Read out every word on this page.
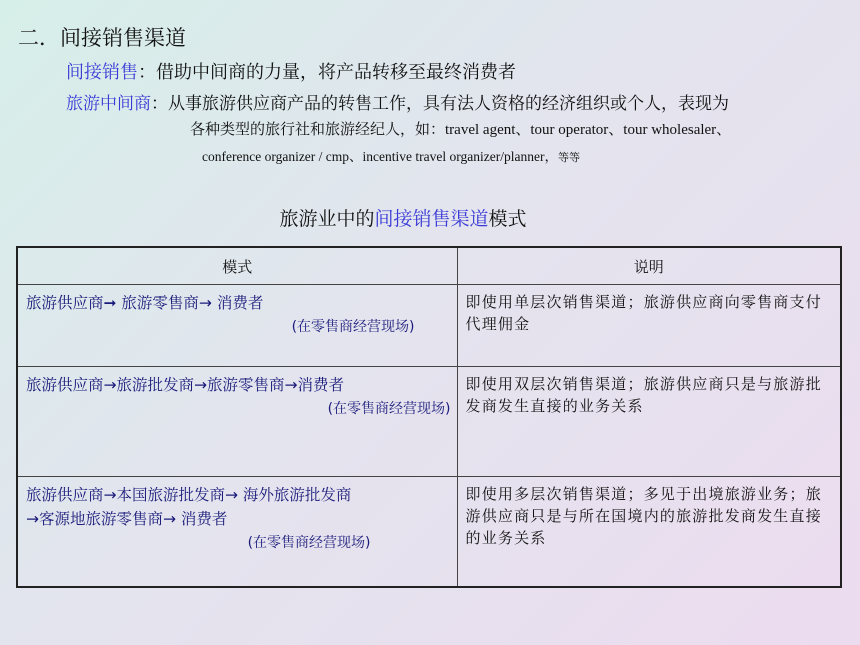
二．间接销售渠道
间接销售：借助中间商的力量，将产品转移至最终消费者
旅游中间商：从事旅游供应商产品的转售工作，具有法人资格的经济组织或个人，表现为
各种类型的旅行社和旅游经纪人，如：travel agent、tour operator、tour wholesaler、
conference organizer / cmp、incentive travel organizer/planner，等等
旅游业中的间接销售渠道模式
模式	说明

旅游供应商➞ 旅游零售商→ 消费者
(在零售商经营现场)	即使用单层次销售渠道；旅游供应商向零售商支付代理佣金

旅游供应商→旅游批发商→旅游零售商→消费者
(在零售商经营现场)	即使用双层次销售渠道；旅游供应商只是与旅游批发商发生直接的业务关系

旅游供应商→本国旅游批发商→ 海外旅游批发商
→客源地旅游零售商→ 消费者
(在零售商经营现场)	即使用多层次销售渠道；多见于出境旅游业务；旅游供应商只是与所在国境内的旅游批发商发生直接的业务关系
